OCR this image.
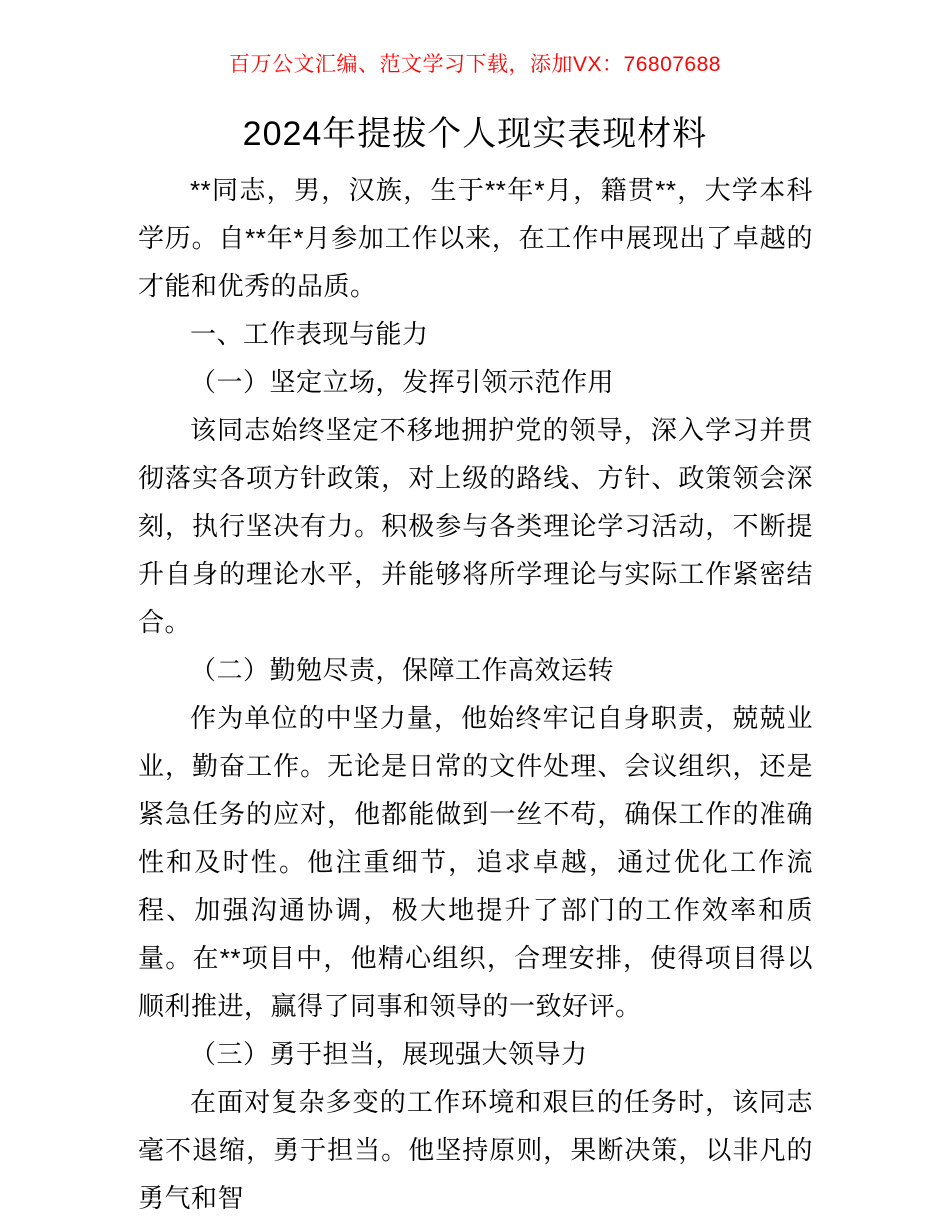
百万公文汇编、范文学习下载，添加VX：76807688

2024年提拔个人现实表现材料

**同志，男，汉族，生于**年*月，籍贯**，大学本科学历。自**年*月参加工作以来，在工作中展现出了卓越的才能和优秀的品质。

一、工作表现与能力

（一）坚定立场，发挥引领示范作用

该同志始终坚定不移地拥护党的领导，深入学习并贯彻落实各项方针政策，对上级的路线、方针、政策领会深刻，执行坚决有力。积极参与各类理论学习活动，不断提升自身的理论水平，并能够将所学理论与实际工作紧密结合。

（二）勤勉尽责，保障工作高效运转

作为单位的中坚力量，他始终牢记自身职责，兢兢业业，勤奋工作。无论是日常的文件处理、会议组织，还是紧急任务的应对，他都能做到一丝不苟，确保工作的准确性和及时性。他注重细节，追求卓越，通过优化工作流程、加强沟通协调，极大地提升了部门的工作效率和质量。在**项目中，他精心组织，合理安排，使得项目得以顺利推进，赢得了同事和领导的一致好评。

（三）勇于担当，展现强大领导力

在面对复杂多变的工作环境和艰巨的任务时，该同志毫不退缩，勇于担当。他坚持原则，果断决策，以非凡的勇气和智
